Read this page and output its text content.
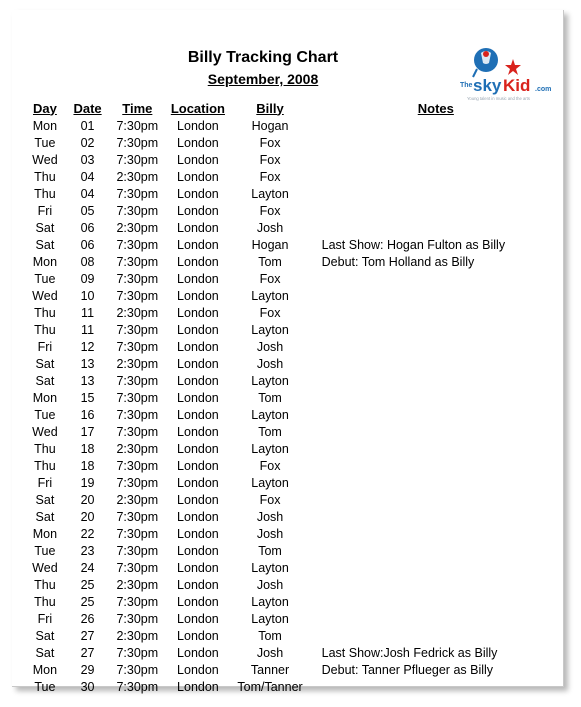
Billy Tracking Chart
September, 2008	The sky Kid .com
Young talent in music and the arts
Day	Date	Time	Location	Billy	Notes
Mon	01	7:30pm	London	Hogan	
Tue	02	7:30pm	London	Fox	
Wed	03	7:30pm	London	Fox	
Thu	04	2:30pm	London	Fox	
Thu	04	7:30pm	London	Layton	
Fri	05	7:30pm	London	Fox	
Sat	06	2:30pm	London	Josh	
Sat	06	7:30pm	London	Hogan	Last Show: Hogan Fulton as Billy
Mon	08	7:30pm	London	Tom	Debut: Tom Holland as Billy
Tue	09	7:30pm	London	Fox	
Wed	10	7:30pm	London	Layton	
Thu	11	2:30pm	London	Fox	
Thu	11	7:30pm	London	Layton	
Fri	12	7:30pm	London	Josh	
Sat	13	2:30pm	London	Josh	
Sat	13	7:30pm	London	Layton	
Mon	15	7:30pm	London	Tom	
Tue	16	7:30pm	London	Layton	
Wed	17	7:30pm	London	Tom	
Thu	18	2:30pm	London	Layton	
Thu	18	7:30pm	London	Fox	
Fri	19	7:30pm	London	Layton	
Sat	20	2:30pm	London	Fox	
Sat	20	7:30pm	London	Josh	
Mon	22	7:30pm	London	Josh	
Tue	23	7:30pm	London	Tom	
Wed	24	7:30pm	London	Layton	
Thu	25	2:30pm	London	Josh	
Thu	25	7:30pm	London	Layton	
Fri	26	7:30pm	London	Layton	
Sat	27	2:30pm	London	Tom	
Sat	27	7:30pm	London	Josh	Last Show:Josh Fedrick as Billy
Mon	29	7:30pm	London	Tanner	Debut: Tanner Pflueger as Billy
Tue	30	7:30pm	London	Tom/Tanner	
